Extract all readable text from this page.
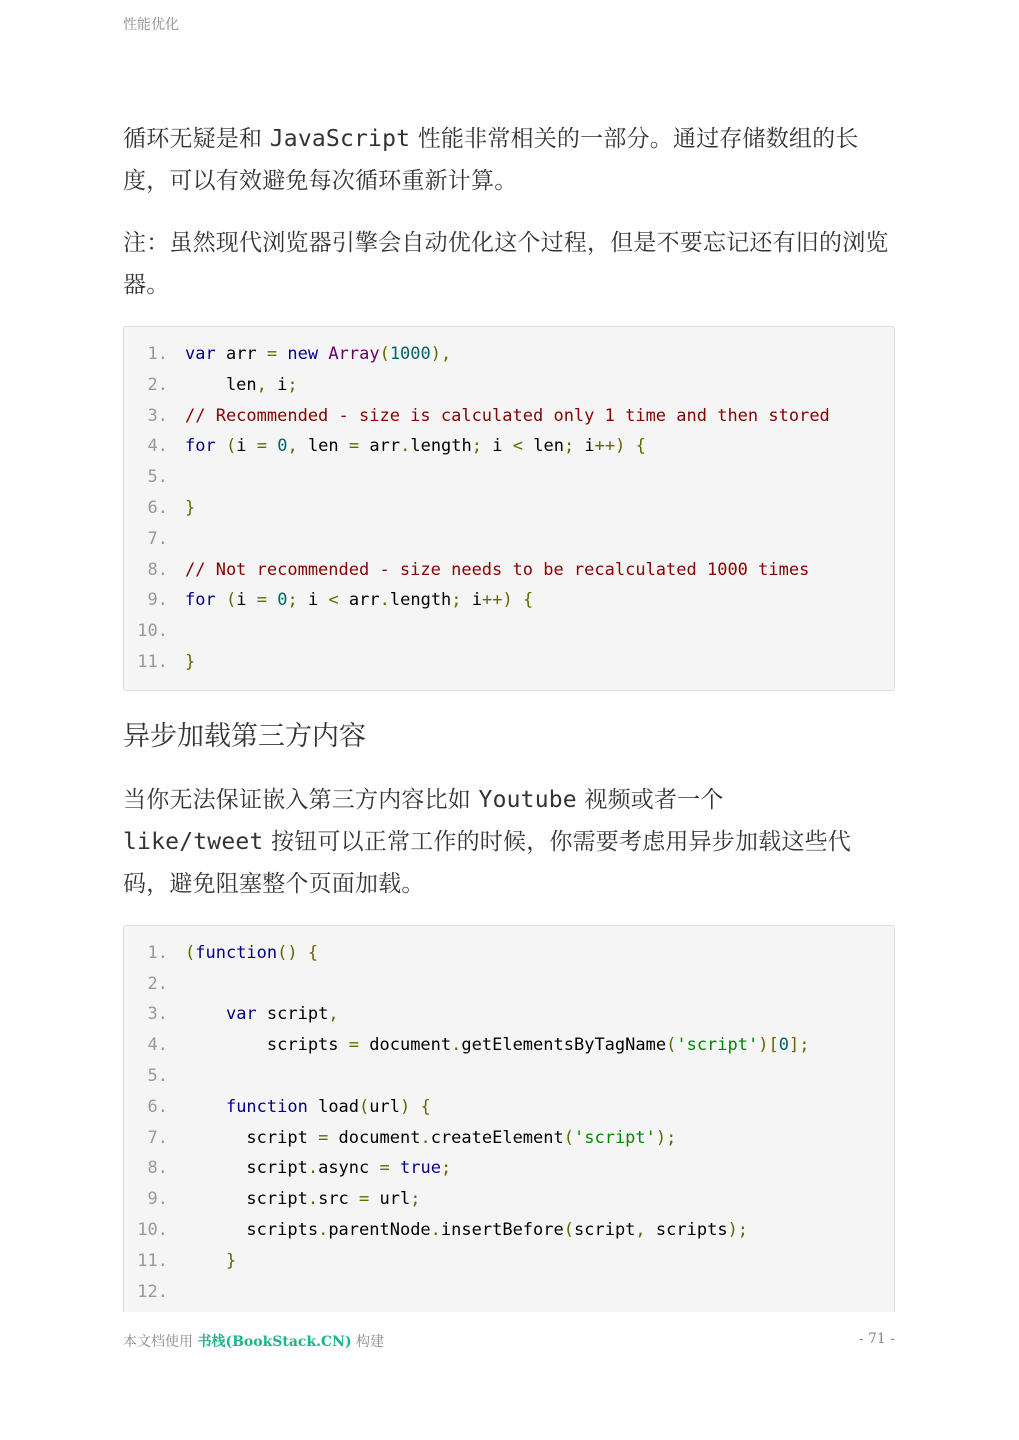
性能优化

循环无疑是和 JavaScript 性能非常相关的一部分。通过存储数组的长度，可以有效避免每次循环重新计算。

注：虽然现代浏览器引擎会自动优化这个过程，但是不要忘记还有旧的浏览器。

1.	var arr = new Array(1000),
2.	len, i;
3.	// Recommended - size is calculated only 1 time and then stored
4.	for (i = 0, len = arr.length; i < len; i++) {
5.
6.	}
7.
8.	// Not recommended - size needs to be recalculated 1000 times
9.	for (i = 0; i < arr.length; i++) {
10.
11.	}
异步加载第三方内容

当你无法保证嵌入第三方内容比如 Youtube 视频或者一个
like/tweet 按钮可以正常工作的时候，你需要考虑用异步加载这些代码，避免阻塞整个页面加载。

1.	(function() {
2.
3.	var script,
4.	scripts = document.getElementsByTagName('script')[0];
5.
6.	function load(url) {
7.	script = document.createElement('script');
8.	script.async = true;
9.	script.src = url;
10.	scripts.parentNode.insertBefore(script, scripts);
11.	}
12.
本文档使用 书栈(BookStack.CN) 构建	- 71 -
